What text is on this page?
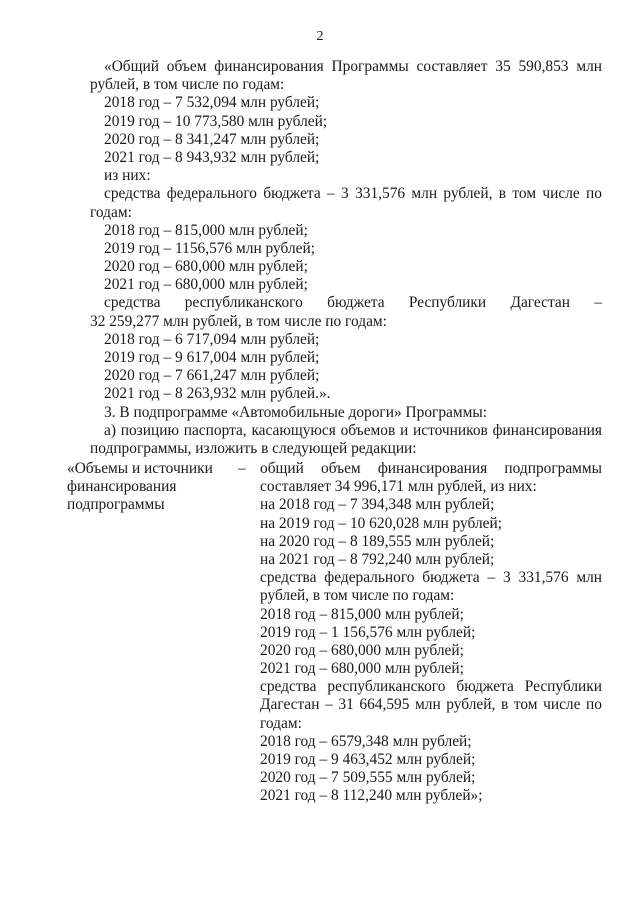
2
«Общий объем финансирования Программы составляет 35 590,853 млн
рублей, в том числе по годам:
2018 год – 7 532,094 млн рублей;
2019 год – 10 773,580 млн рублей;
2020 год – 8 341,247 млн рублей;
2021 год – 8 943,932 млн рублей;
из них:
средства федерального бюджета – 3 331,576 млн рублей, в том числе по
годам:
2018 год – 815,000 млн рублей;
2019 год – 1156,576 млн рублей;
2020 год – 680,000 млн рублей;
2021 год – 680,000 млн рублей;
средства республиканского бюджета Республики Дагестан –
32 259,277 млн рублей, в том числе по годам:
2018 год – 6 717,094 млн рублей;
2019 год – 9 617,004 млн рублей;
2020 год – 7 661,247 млн рублей;
2021 год – 8 263,932 млн рублей.».
3. В подпрограмме «Автомобильные дороги» Программы:
а) позицию паспорта, касающуюся объемов и источников финансирования
подпрограммы, изложить в следующей редакции:
«Объемы и источники
финансирования
подпрограммы
– общий объем финансирования подпрограммы
составляет 34 996,171 млн рублей, из них:
на 2018 год – 7 394,348 млн рублей;
на 2019 год – 10 620,028 млн рублей;
на 2020 год – 8 189,555 млн рублей;
на 2021 год – 8 792,240 млн рублей;
средства федерального бюджета – 3 331,576 млн
рублей, в том числе по годам:
2018 год – 815,000 млн рублей;
2019 год – 1 156,576 млн рублей;
2020 год – 680,000 млн рублей;
2021 год – 680,000 млн рублей;
средства республиканского бюджета Республики
Дагестан – 31 664,595 млн рублей, в том числе по
годам:
2018 год – 6579,348 млн рублей;
2019 год – 9 463,452 млн рублей;
2020 год – 7 509,555 млн рублей;
2021 год – 8 112,240 млн рублей»;
